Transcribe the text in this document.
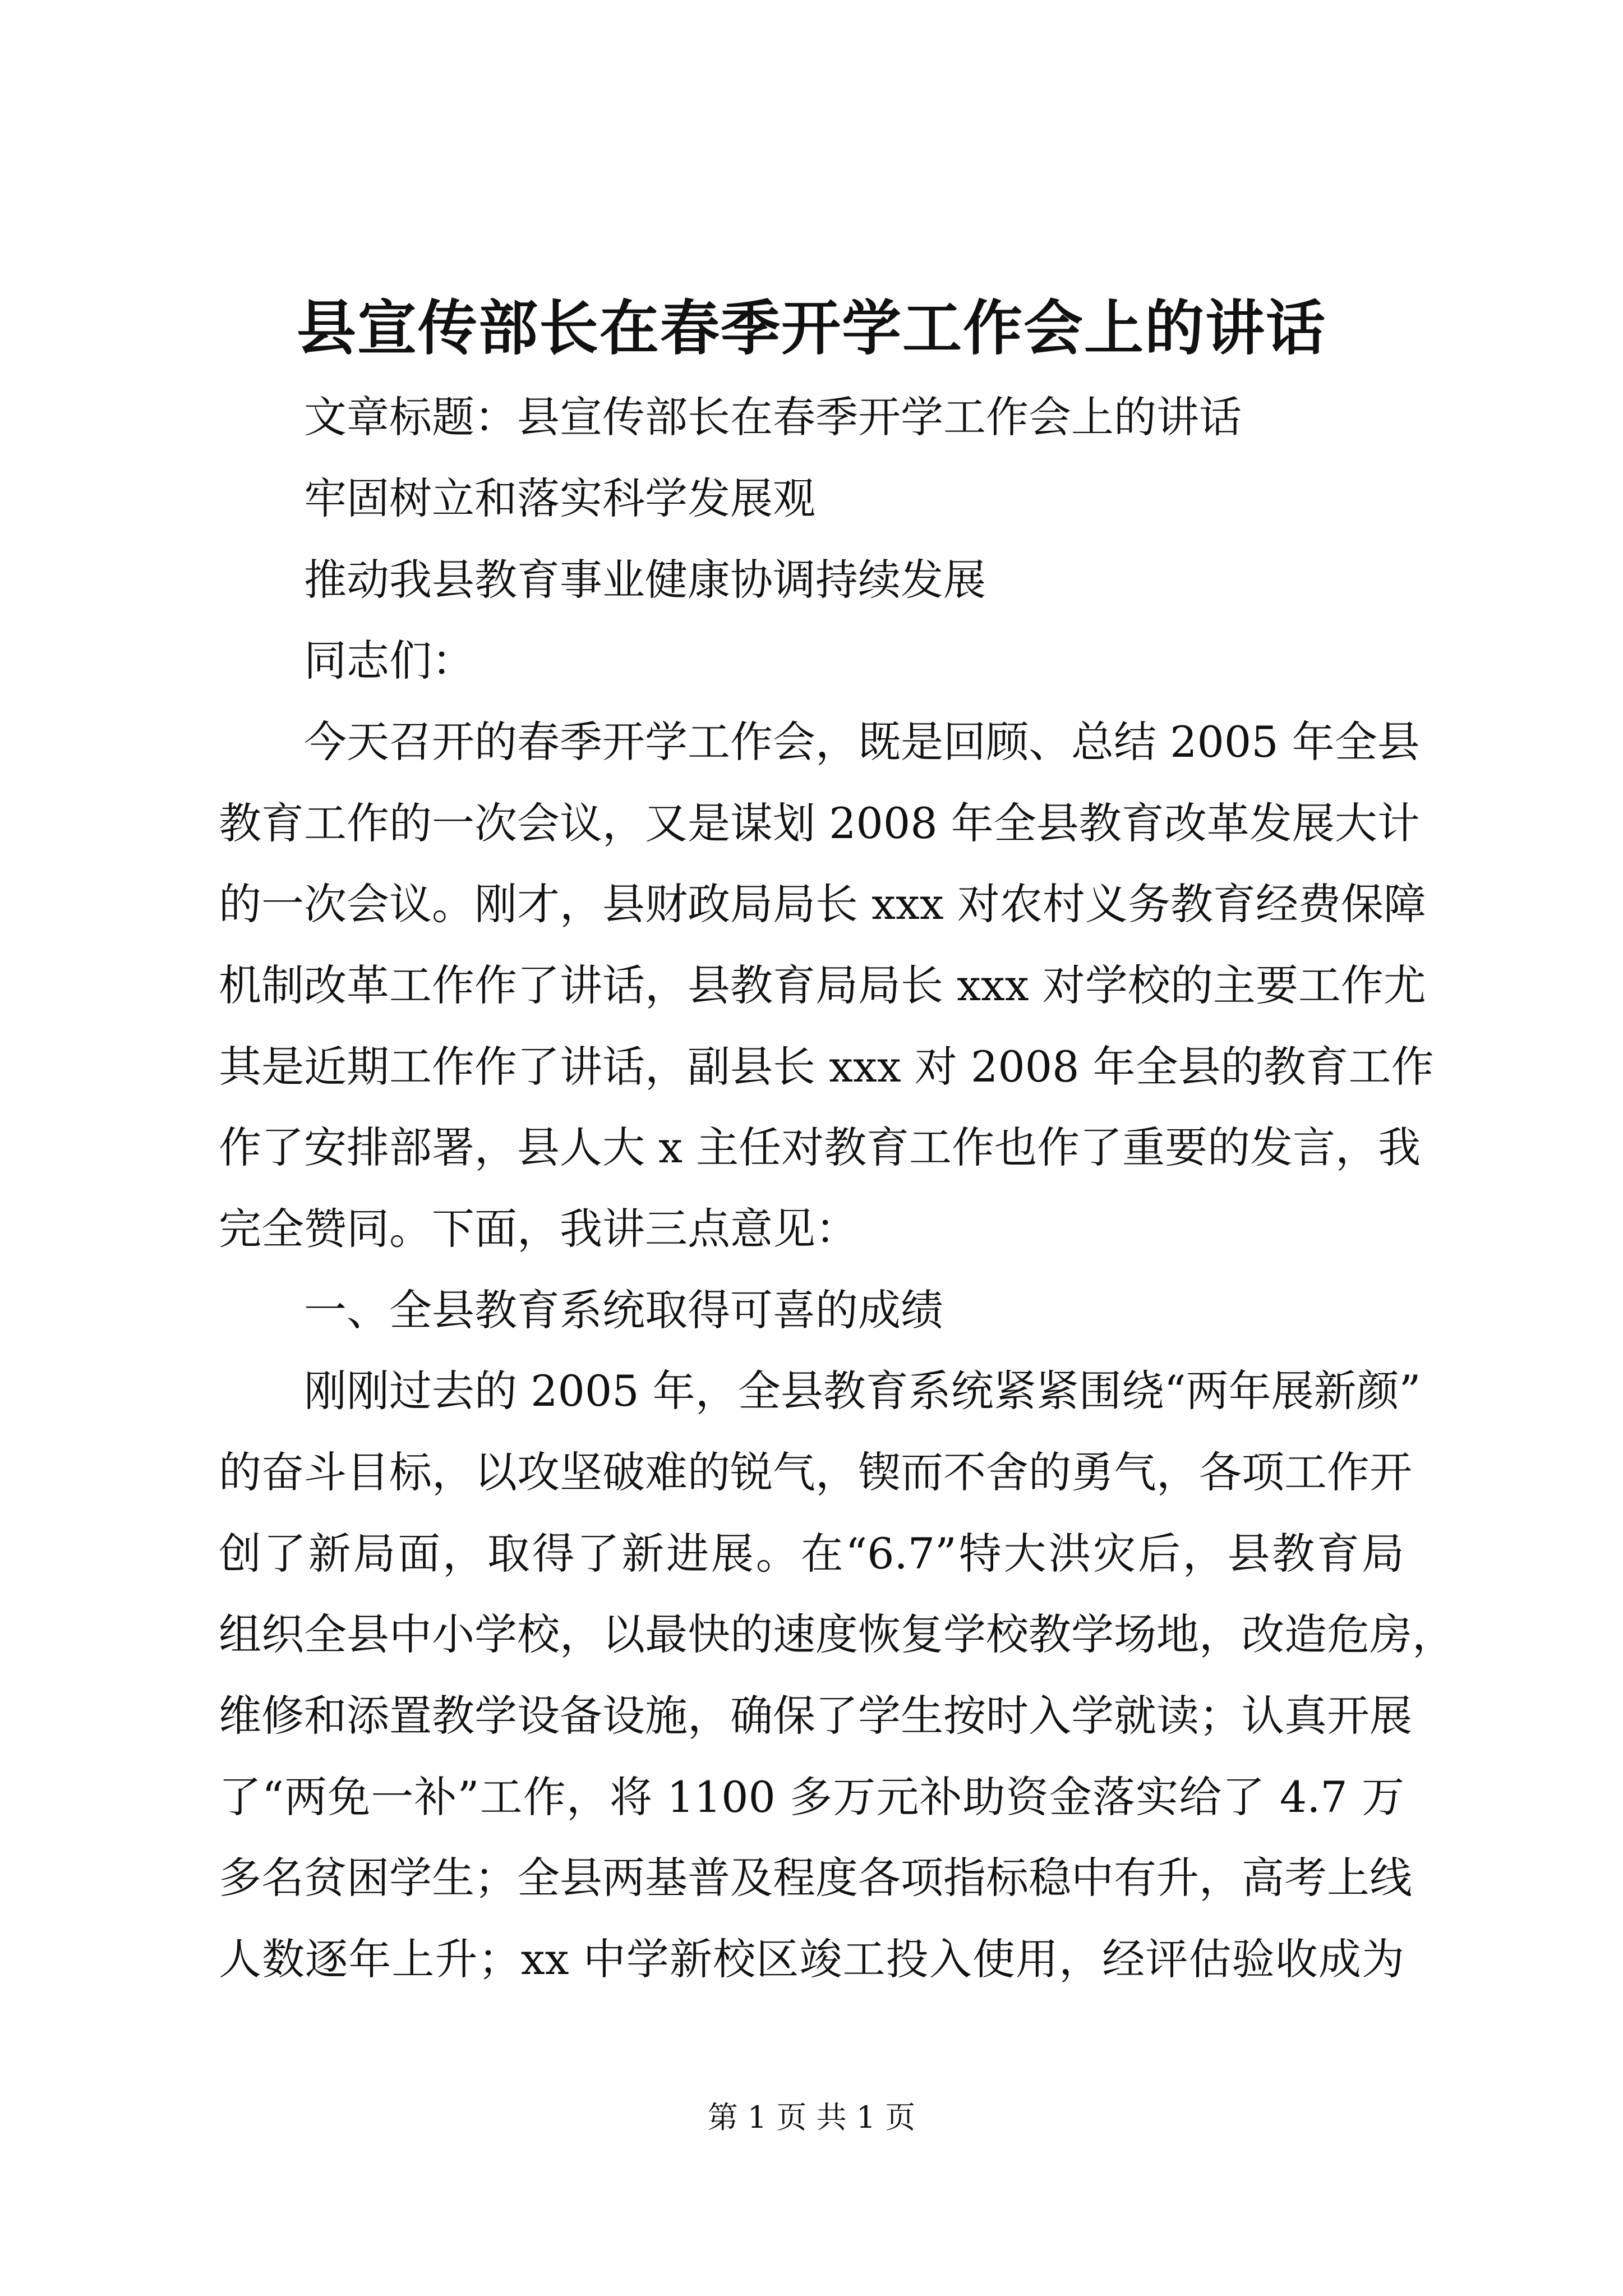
县宣传部长在春季开学工作会上的讲话
文章标题：县宣传部长在春季开学工作会上的讲话
牢固树立和落实科学发展观
推动我县教育事业健康协调持续发展
同志们：
今天召开的春季开学工作会，既是回顾、总结 2005 年全县
教育工作的一次会议，又是谋划 2008 年全县教育改革发展大计
的一次会议。刚才，县财政局局长 xxx 对农村义务教育经费保障
机制改革工作作了讲话，县教育局局长 xxx 对学校的主要工作尤
其是近期工作作了讲话，副县长 xxx 对 2008 年全县的教育工作
作了安排部署，县人大 x 主任对教育工作也作了重要的发言，我
完全赞同。下面，我讲三点意见：
一、全县教育系统取得可喜的成绩
刚刚过去的 2005 年，全县教育系统紧紧围绕“两年展新颜”
的奋斗目标，以攻坚破难的锐气，锲而不舍的勇气，各项工作开
创了新局面，取得了新进展。在“6.7”特大洪灾后，县教育局
组织全县中小学校，以最快的速度恢复学校教学场地，改造危房，
维修和添置教学设备设施，确保了学生按时入学就读；认真开展
了“两免一补”工作，将 1100 多万元补助资金落实给了 4.7 万
多名贫困学生；全县两基普及程度各项指标稳中有升，高考上线
人数逐年上升；xx 中学新校区竣工投入使用，经评估验收成为
第 1 页 共 1 页
